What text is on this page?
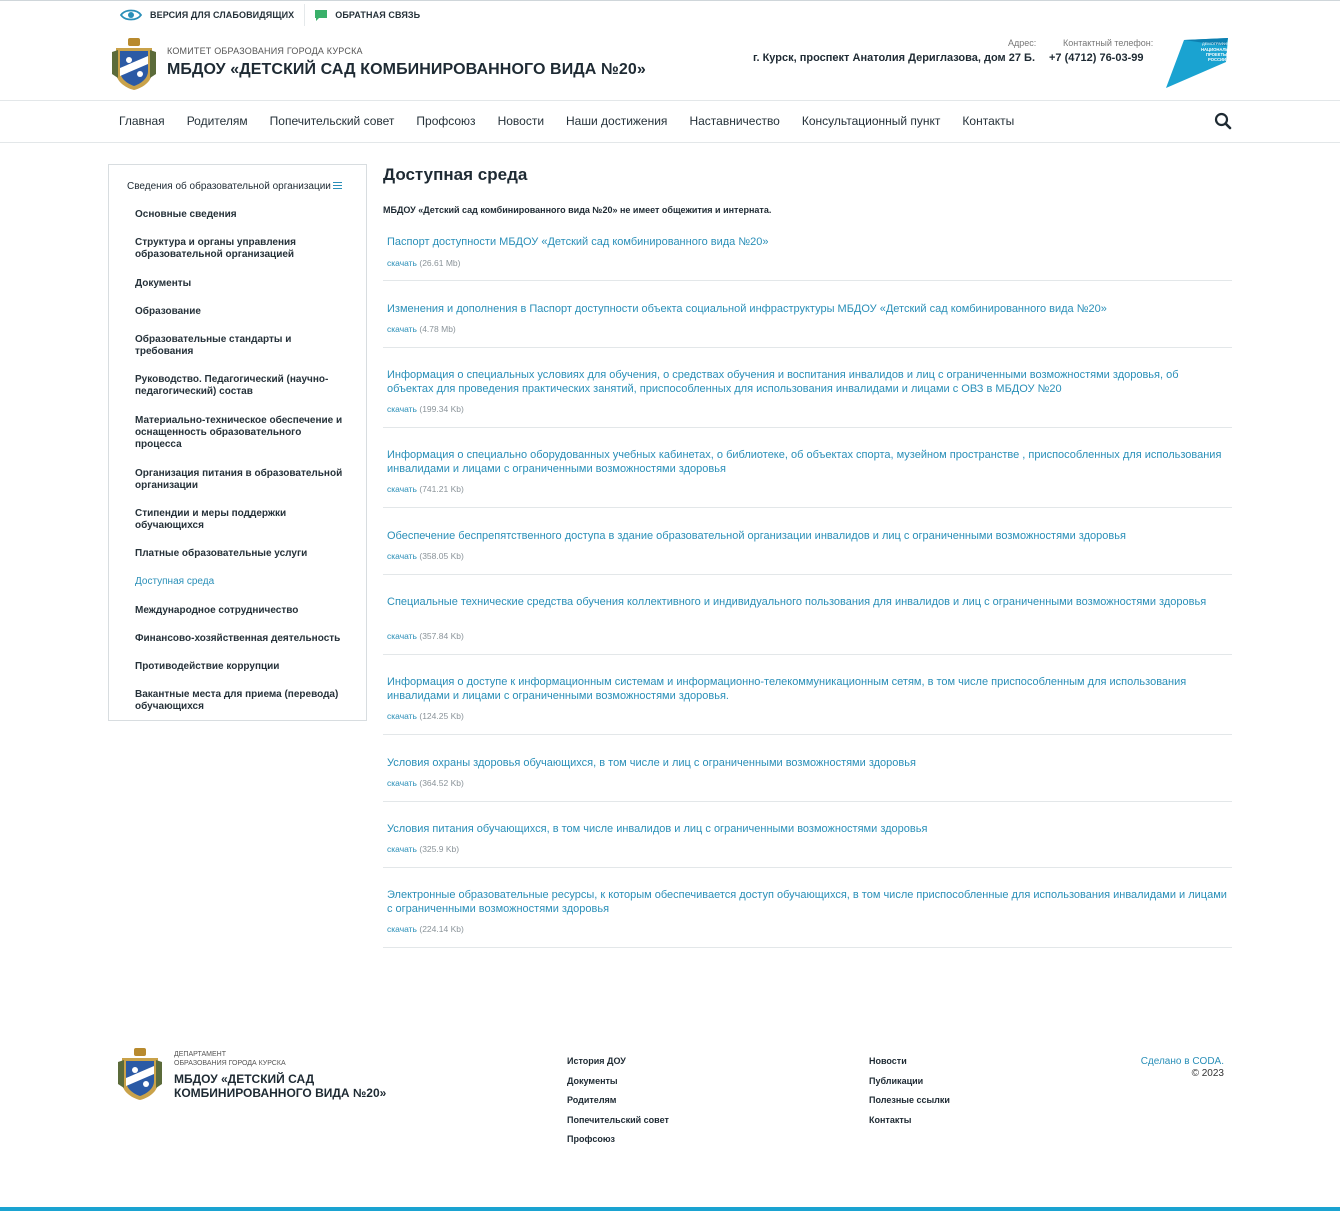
ВЕРСИЯ ДЛЯ СЛАБОВИДЯЩИХ	ОБРАТНАЯ СВЯЗЬ
КОМИТЕТ ОБРАЗОВАНИЯ ГОРОДА КУРСКА
МБДОУ «ДЕТСКИЙ САД КОМБИНИРОВАННОГО ВИДА №20»
Адрес:
г. Курск, проспект Анатолия Дериглазова, дом 27 Б.
Контактный телефон:
+7 (4712) 76-03-99
ДЕМОГРАФИЯ
НАЦИОНАЛЬНЫЕ
ПРОЕКТЫ
РОССИИ
Главная	Родителям	Попечительский совет	Профсоюз	Новости	Наши достижения	Наставничество	Консультационный пункт	Контакты
Сведения об образовательной организации
Основные сведения
Структура и органы управления образовательной организацией
Документы
Образование
Образовательные стандарты и требования
Руководство. Педагогический (научно-педагогический) состав
Материально-техническое обеспечение и оснащенность образовательного процесса
Организация питания в образовательной организации
Стипендии и меры поддержки обучающихся
Платные образовательные услуги
Доступная среда
Международное сотрудничество
Финансово-хозяйственная деятельность
Противодействие коррупции
Вакантные места для приема (перевода) обучающихся
Доступная среда
МБДОУ «Детский сад комбинированного вида №20» не имеет общежития и интерната.
Паспорт доступности МБДОУ «Детский сад комбинированного вида №20»
скачать (26.61 Mb)
Изменения и дополнения в Паспорт доступности объекта социальной инфраструктуры МБДОУ «Детский сад комбинированного вида №20»
скачать (4.78 Mb)
Информация о специальных условиях для обучения, о средствах обучения и воспитания инвалидов и лиц с ограниченными возможностями здоровья, об объектах для проведения практических занятий, приспособленных для использования инвалидами и лицами с ОВЗ в МБДОУ №20
скачать (199.34 Kb)
Информация о специально оборудованных учебных кабинетах, о библиотеке, об объектах спорта, музейном пространстве , приспособленных для использования инвалидами и лицами с ограниченными возможностями здоровья
скачать (741.21 Kb)
Обеспечение беспрепятственного доступа в здание образовательной организации инвалидов и лиц с ограниченными возможностями здоровья
скачать (358.05 Kb)
Специальные технические средства обучения коллективного и индивидуального пользования для инвалидов и лиц с ограниченными возможностями здоровья
скачать (357.84 Kb)
Информация о доступе к информационным системам и информационно-телекоммуникационным сетям, в том числе приспособленным для использования инвалидами и лицами с ограниченными возможностями здоровья.
скачать (124.25 Kb)
Условия охраны здоровья обучающихся, в том числе и лиц с ограниченными возможностями здоровья
скачать (364.52 Kb)
Условия питания обучающихся, в том числе инвалидов и лиц с ограниченными возможностями здоровья
скачать (325.9 Kb)
Электронные образовательные ресурсы, к которым обеспечивается доступ обучающихся, в том числе приспособленные для использования инвалидами и лицами с ограниченными возможностями здоровья
скачать (224.14 Kb)
ДЕПАРТАМЕНТ
ОБРАЗОВАНИЯ ГОРОДА КУРСКА
МБДОУ «ДЕТСКИЙ САД КОМБИНИРОВАННОГО ВИДА №20»
История ДОУ
Документы
Родителям
Попечительский совет
Профсоюз
Новости
Публикации
Полезные ссылки
Контакты
Сделано в CODA.
© 2023
